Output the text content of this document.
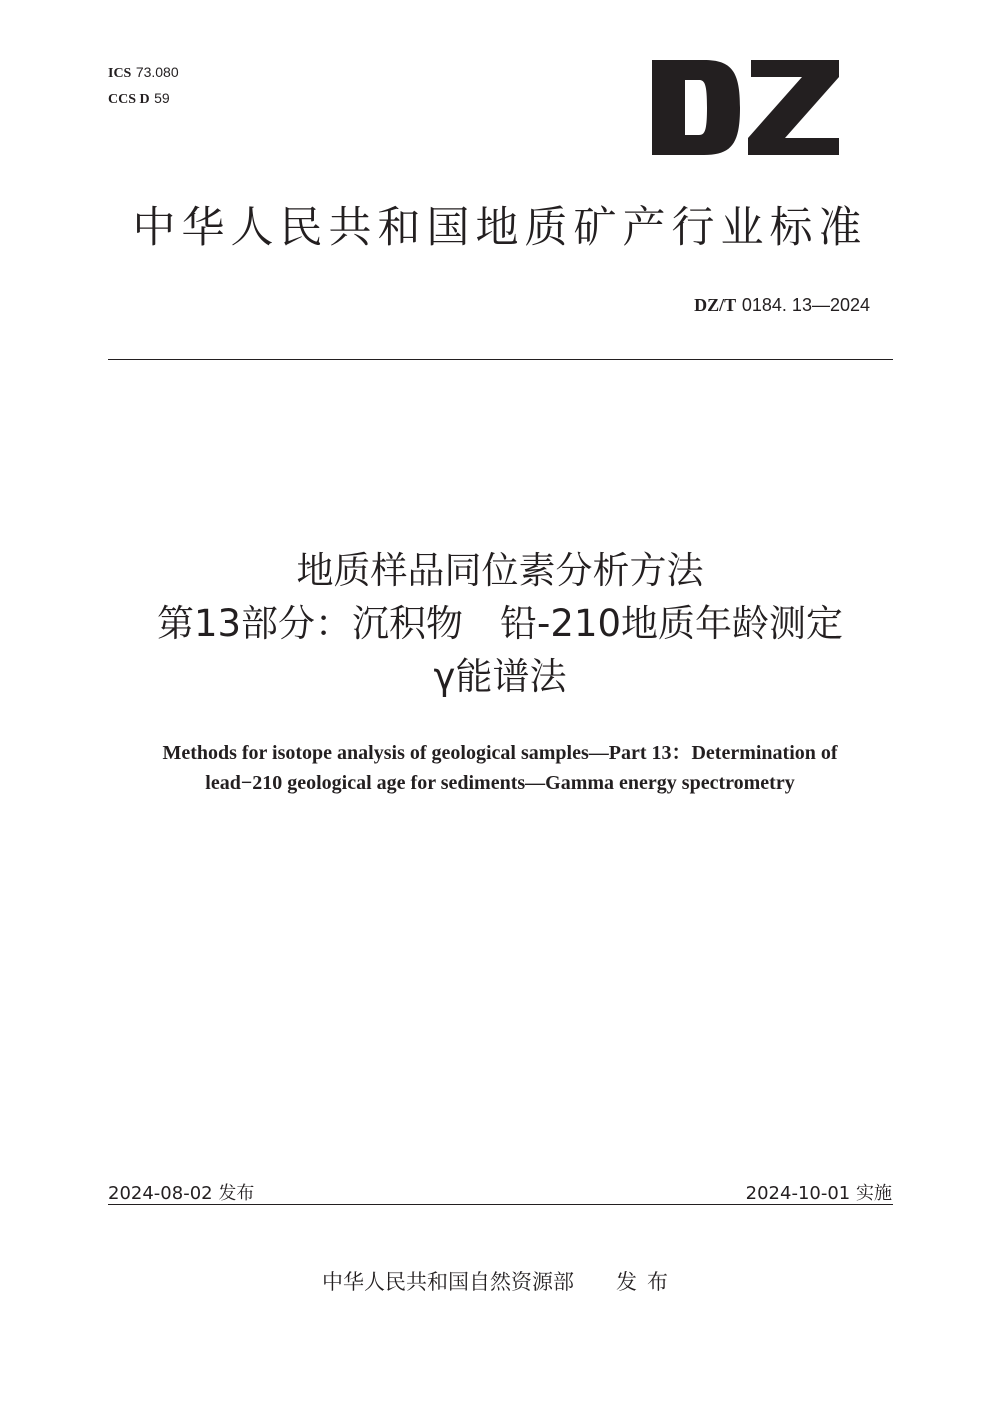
ICS 73.080
CCS D 59
中华人民共和国地质矿产行业标准
DZ/T 0184. 13—2024
地质样品同位素分析方法
第13部分：沉积物　铅-210地质年龄测定
γ能谱法
Methods for isotope analysis of geological samples—Part 13：Determination of
lead−210 geological age for sediments—Gamma energy spectrometry
2024-08-02 发布	2024-10-01 实施
中华人民共和国自然资源部 发布
